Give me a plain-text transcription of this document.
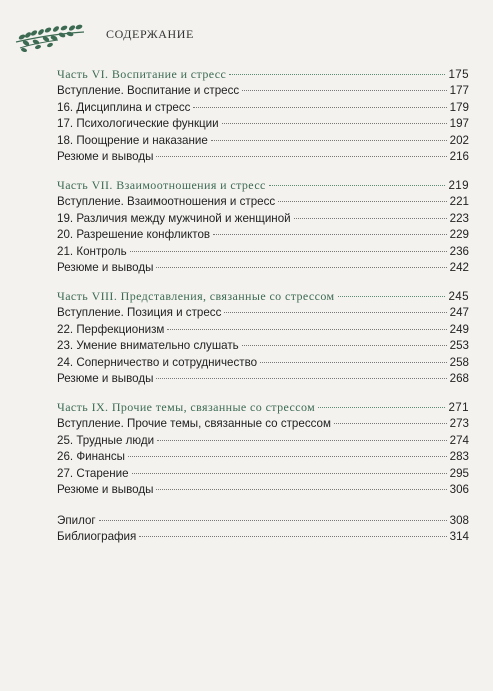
СОДЕРЖАНИЕ
Часть VI. Воспитание и стресс	175
Вступление. Воспитание и стресс	177
16. Дисциплина и стресс	179
17. Психологические функции	197
18. Поощрение и наказание	202
Резюме и выводы	216
Часть VII. Взаимоотношения и стресс	219
Вступление. Взаимоотношения и стресс	221
19. Различия между мужчиной и женщиной	223
20. Разрешение конфликтов	229
21. Контроль	236
Резюме и выводы	242
Часть VIII. Представления, связанные со стрессом	245
Вступление. Позиция и стресс	247
22. Перфекционизм	249
23. Умение внимательно слушать	253
24. Соперничество и сотрудничество	258
Резюме и выводы	268
Часть IX. Прочие темы, связанные со стрессом	271
Вступление. Прочие темы, связанные со стрессом	273
25. Трудные люди	274
26. Финансы	283
27. Старение	295
Резюме и выводы	306
Эпилог	308
Библиография	314
